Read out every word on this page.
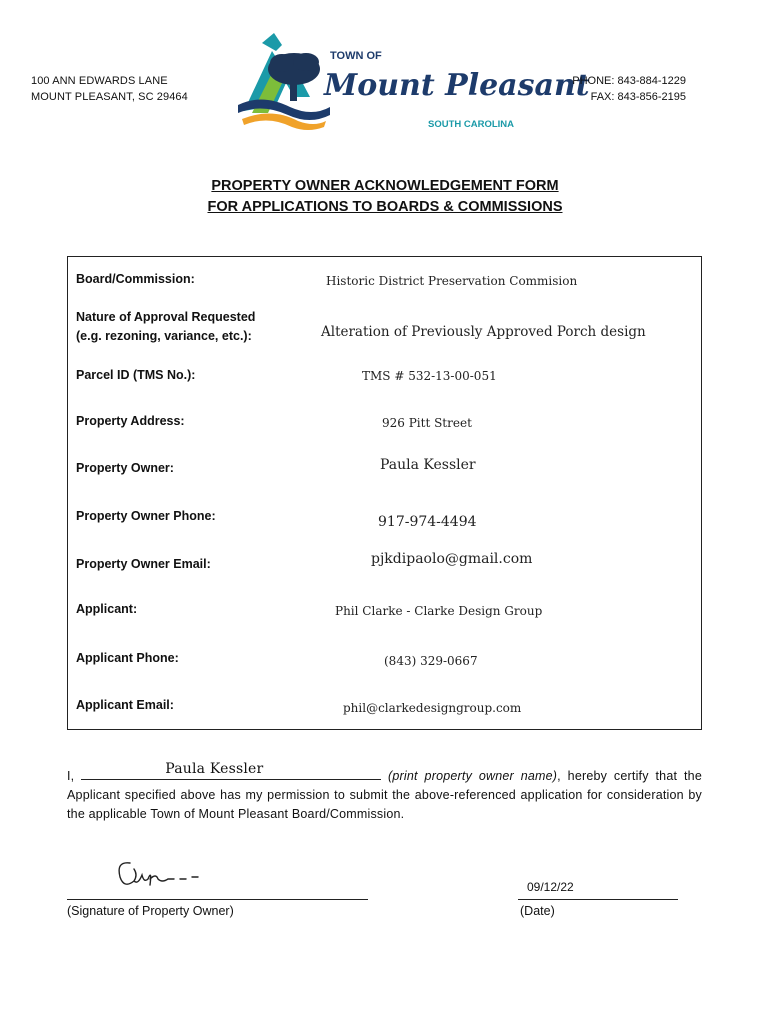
100 ANN EDWARDS LANE
MOUNT PLEASANT, SC 29464
TOWN OF
Mount Pleasant
SOUTH CAROLINA
PHONE: 843-884-1229
FAX: 843-856-2195
PROPERTY OWNER ACKNOWLEDGEMENT FORM
FOR APPLICATIONS TO BOARDS & COMMISSIONS
Board/Commission:	Historic District Preservation Commision
Nature of Approval Requested
(e.g. rezoning, variance, etc.):	Alteration of Previously Approved Porch design
Parcel ID (TMS No.):	TMS # 532-13-00-051
Property Address:	926 Pitt Street
Property Owner:	Paula Kessler
Property Owner Phone:	917-974-4494
Property Owner Email:	pjkdipaolo@gmail.com
Applicant:	Phil Clarke - Clarke Design Group
Applicant Phone:	(843) 329-0667
Applicant Email:	phil@clarkedesigngroup.com
I,	Paula Kessler	(print property owner name), hereby certify that the Applicant specified above has my permission to submit the above-referenced application for consideration by the applicable Town of Mount Pleasant Board/Commission.
(Signature of Property Owner)
09/12/22
(Date)
